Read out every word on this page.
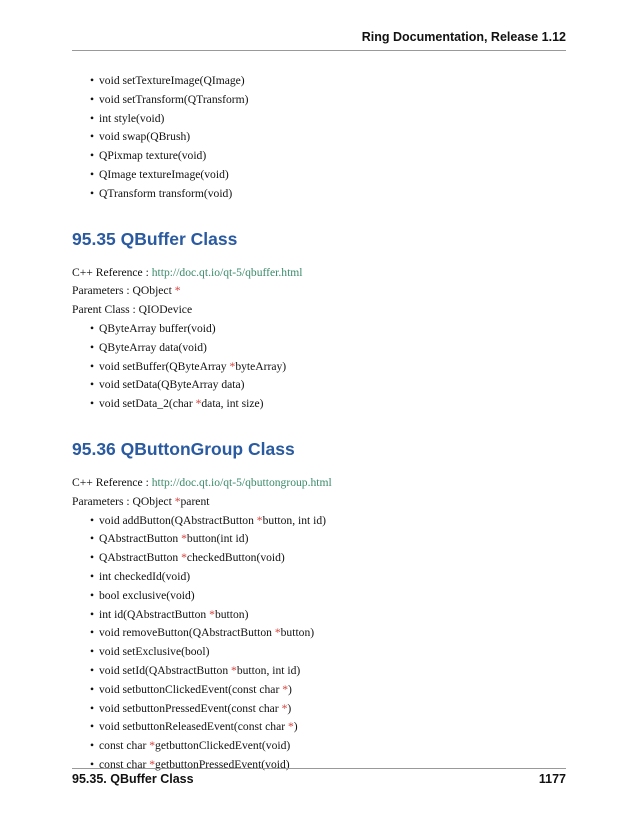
Ring Documentation, Release 1.12
• void setTextureImage(QImage)
• void setTransform(QTransform)
• int style(void)
• void swap(QBrush)
• QPixmap texture(void)
• QImage textureImage(void)
• QTransform transform(void)
95.35 QBuffer Class
C++ Reference : http://doc.qt.io/qt-5/qbuffer.html
Parameters : QObject *
Parent Class : QIODevice
• QByteArray buffer(void)
• QByteArray data(void)
• void setBuffer(QByteArray *byteArray)
• void setData(QByteArray data)
• void setData_2(char *data, int size)
95.36 QButtonGroup Class
C++ Reference : http://doc.qt.io/qt-5/qbuttongroup.html
Parameters : QObject *parent
• void addButton(QAbstractButton *button, int id)
• QAbstractButton *button(int id)
• QAbstractButton *checkedButton(void)
• int checkedId(void)
• bool exclusive(void)
• int id(QAbstractButton *button)
• void removeButton(QAbstractButton *button)
• void setExclusive(bool)
• void setId(QAbstractButton *button, int id)
• void setbuttonClickedEvent(const char *)
• void setbuttonPressedEvent(const char *)
• void setbuttonReleasedEvent(const char *)
• const char *getbuttonClickedEvent(void)
• const char *getbuttonPressedEvent(void)
95.35. QBuffer Class	1177
